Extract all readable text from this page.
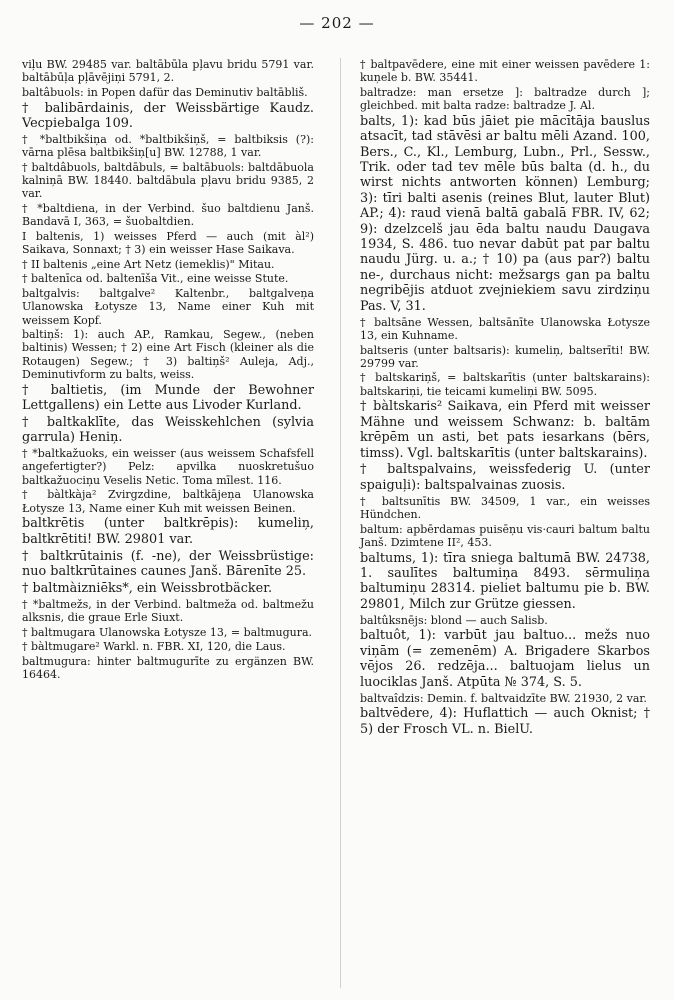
— 202 —

viļu BW. 29485 var. baltābūla pļavu bridu 5791 var. baltābūļa pļāvējiņi 5791, 2.

baltâbuols: in Popen dafür das Deminutiv baltābliš.

† balibārdainis, der Weissbärtige Kaudz. Vecpiebalga 109.

† *baltbikšiņa od. *baltbikšiņš, = baltbiksis (?): vārna plēsa baltbikšiņ[u] BW. 12788, 1 var.

† baltdâbuols, baltdābuls, = baltābuols: baltdābuola kalniņā BW. 18440. baltdābula pļavu bridu 9385, 2 var.

† *baltdiena, in der Verbind. šuo baltdienu Janš. Bandavā I, 363, = šuobaltdien.

I baltenis, 1) weisses Pferd — auch (mit àl²) Saikava, Sonnaxt; † 3) ein weisser Hase Saikava.

† II baltenis „eine Art Netz (iemeklis)" Mitau.

† baltenīca od. baltenīša Vit., eine weisse Stute.

baltgalvis: baltgalve² Kaltenbr., baltgalveņa Ulanowska Łotysze 13, Name einer Kuh mit weissem Kopf.

baltiņš: 1): auch AP., Ramkau, Segew., (neben baltinis) Wessen; † 2) eine Art Fisch (kleiner als die Rotaugen) Segew.; † 3) baltiņš² Auleja, Adj., Deminutivform zu balts, weiss.

† baltietis, (im Munde der Bewohner Lettgallens) ein Lette aus Livoder Kurland.

† baltkaklīte, das Weisskehlchen (sylvia garrula) Heniņ.

† *baltkažuoks, ein weisser (aus weissem Schafsfell angefertigter?) Pelz: apvilka nuoskretušuo baltkažuociņu Veselis Netic. Toma mīlest. 116.

† bàltkàja² Zvirgzdine, baltkājeņa Ulanowska Łotysze 13, Name einer Kuh mit weissen Beinen.

baltkrētis (unter baltkrēpis): kumeliņ, baltkrētiti! BW. 29801 var.

† baltkrūtainis (f. -ne), der Weissbrüstige: nuo baltkrūtaines caunes Janš. Bārenīte 25.

† baltmàizniēks*, ein Weissbrotbäcker.

† *baltmežs, in der Verbind. baltmeža od. baltmežu alksnis, die graue Erle Siuxt.

† baltmugara Ulanowska Łotysze 13, = baltmugura.

† bàltmugare² Warkl. n. FBR. XI, 120, die Laus.

baltmugura: hinter baltmugurīte zu ergänzen BW. 16464.

† baltpavēdere, eine mit einer weissen pavēdere 1: kuņele b. BW. 35441.

baltradze: man ersetze ]: baltradze durch ]; gleichbed. mit balta radze: baltradze J. Al.

balts, 1): kad būs jāiet pie mācītāja bauslus atsacīt, tad stāvēsi ar baltu mēli Azand. 100, Bers., C., Kl., Lemburg, Lubn., Prl., Sessw., Trik. oder tad tev mēle būs balta (d. h., du wirst nichts antworten können) Lemburg; 3): tīri balti asenis (reines Blut, lauter Blut) AP.; 4): raud vienā baltā gabalā FBR. IV, 62; 9): dzelzcelš jau ēda baltu naudu Daugava 1934, S. 486. tuo nevar dabūt pat par baltu naudu Jürg. u. a.; † 10) pa (aus par?) baltu ne-, durchaus nicht: mežsargs gan pa baltu negribējis atduot zvejniekiem savu zirdziņu Pas. V, 31.

† baltsāne Wessen, baltsānīte Ulanowska Łotysze 13, ein Kuhname.

baltseris (unter baltsaris): kumeliņ, baltserīti! BW. 29799 var.

† baltskariņš, = baltskarītis (unter baltskarains): baltskariņi, tie teicami kumeliņi BW. 5095.

† bàltskaris² Saikava, ein Pferd mit weisser Mähne und weissem Schwanz: b. baltām krēpēm un asti, bet pats iesarkans (bērs, timss). Vgl. baltskarītis (unter baltskarains).

† baltspalvains, weissfederig U. (unter spaiguļi): baltspalvainas zuosis.

† baltsunītis BW. 34509, 1 var., ein weisses Hündchen.

baltum: apbērdamas puisēņu vis·cauri baltum baltu Janš. Dzimtene II², 453.

baltums, 1): tīra sniega baltumā BW. 24738, 1. saulītes baltumiņa 8493. sērmuliņa baltumiņu 28314. pieliet baltumu pie b. BW. 29801, Milch zur Grütze giessen.

baltûksnējs: blond — auch Salisb.

baltuôt, 1): varbūt jau baltuo... mežs nuo viņām (= zemenēm) A. Brigadere Skarbos vējos 26. redzēja... baltuojam lielus un luociklas Janš. Atpūta № 374, S. 5.

baltvaîdzis: Demin. f. baltvaidzīte BW. 21930, 2 var.

baltvēdere, 4): Huflattich — auch Oknist; † 5) der Frosch VL. n. BielU.
